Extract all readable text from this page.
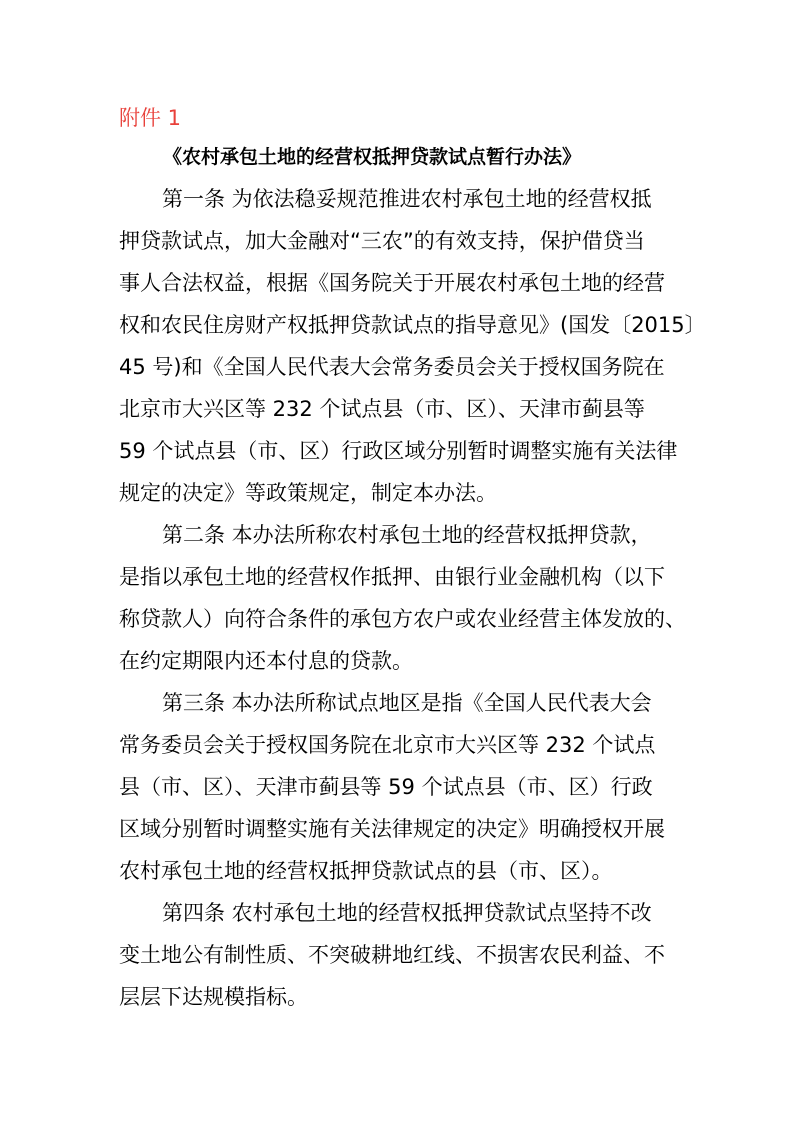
附件 1
《农村承包土地的经营权抵押贷款试点暂行办法》
第一条 为依法稳妥规范推进农村承包土地的经营权抵
押贷款试点，加大金融对“三农”的有效支持，保护借贷当
事人合法权益，根据《国务院关于开展农村承包土地的经营
权和农民住房财产权抵押贷款试点的指导意见》(国发〔2015〕
45 号)和《全国人民代表大会常务委员会关于授权国务院在
北京市大兴区等 232 个试点县（市、区）、天津市蓟县等
59 个试点县（市、区）行政区域分别暂时调整实施有关法律
规定的决定》等政策规定，制定本办法。
第二条 本办法所称农村承包土地的经营权抵押贷款，
是指以承包土地的经营权作抵押、由银行业金融机构（以下
称贷款人）向符合条件的承包方农户或农业经营主体发放的、
在约定期限内还本付息的贷款。
第三条 本办法所称试点地区是指《全国人民代表大会
常务委员会关于授权国务院在北京市大兴区等 232 个试点
县（市、区）、天津市蓟县等 59 个试点县（市、区）行政
区域分别暂时调整实施有关法律规定的决定》明确授权开展
农村承包土地的经营权抵押贷款试点的县（市、区）。
第四条 农村承包土地的经营权抵押贷款试点坚持不改
变土地公有制性质、不突破耕地红线、不损害农民利益、不
层层下达规模指标。
